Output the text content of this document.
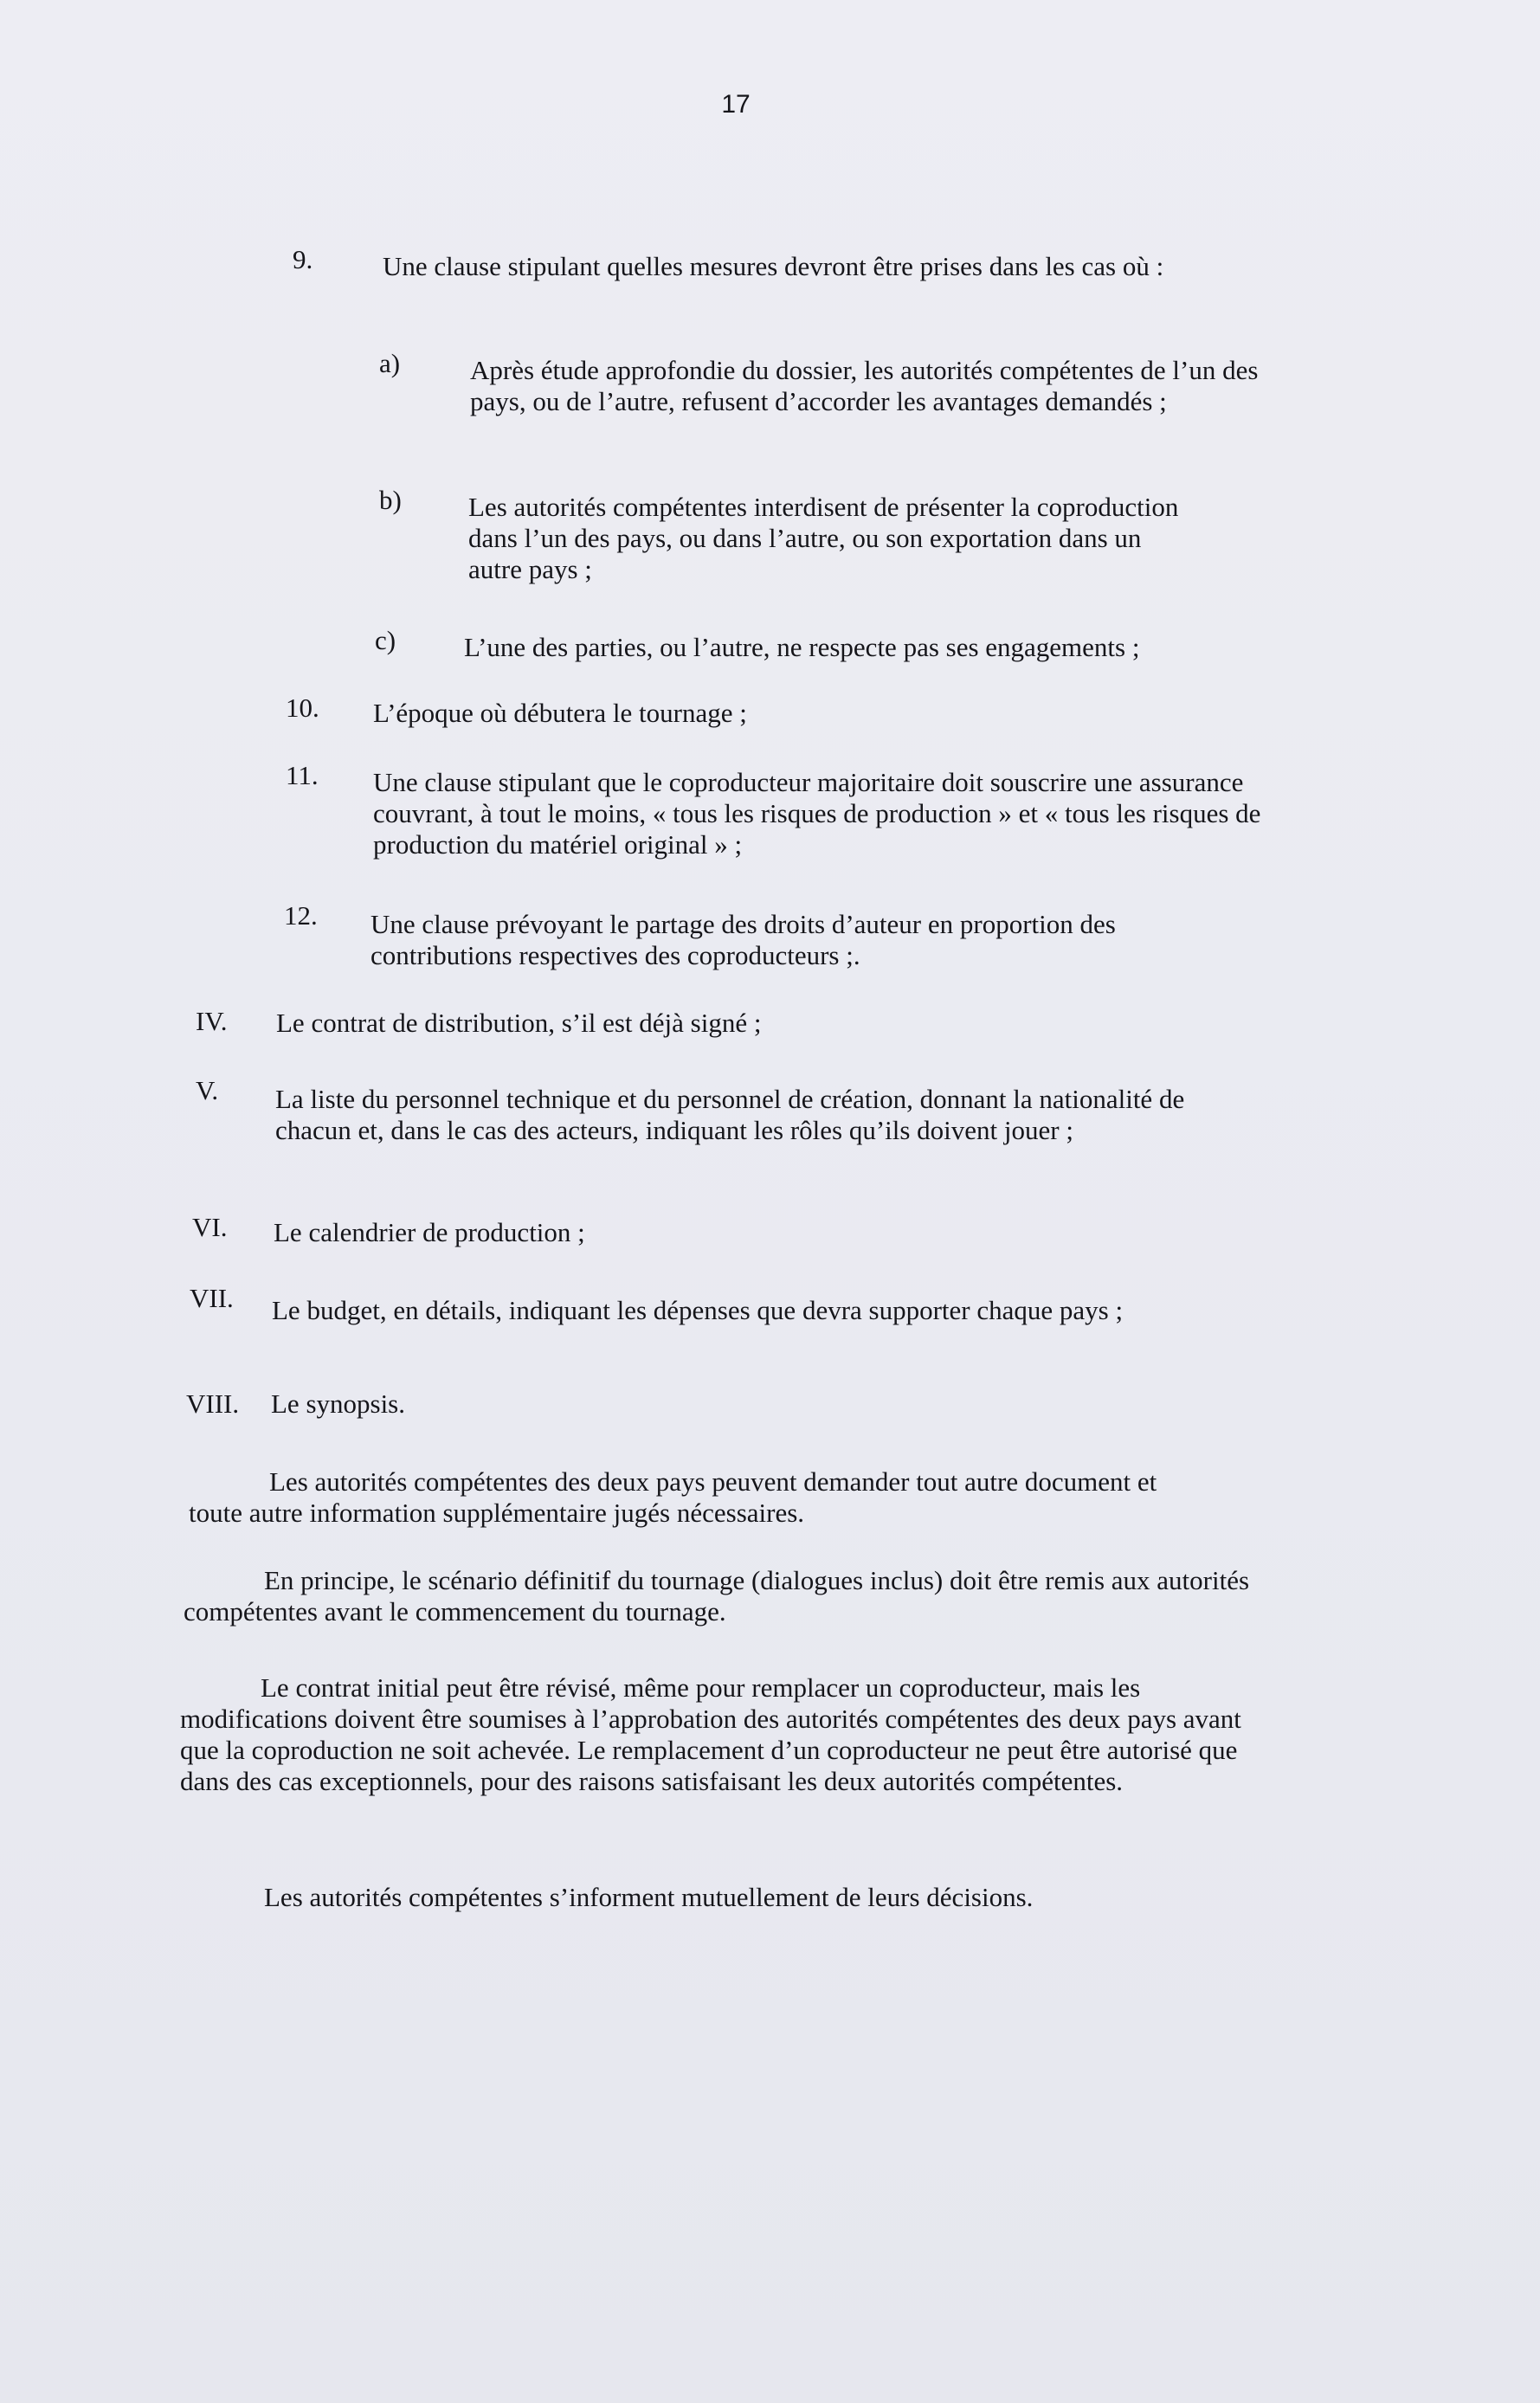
17
9.	Une clause stipulant quelles mesures devront être prises dans les cas où :
a)	Après étude approfondie du dossier, les autorités compétentes de l’un des pays, ou de l’autre, refusent d’accorder les avantages demandés ;
b) Les autorités compétentes interdisent de présenter la coproduction dans l’un des pays, ou dans l’autre, ou son exportation dans un autre pays ;
c)	L’une des parties, ou l’autre, ne respecte pas ses engagements ;
10. L’époque où débutera le tournage ;
11. Une clause stipulant que le coproducteur majoritaire doit souscrire une assurance couvrant, à tout le moins, « tous les risques de production » et « tous les risques de production du matériel original » ;
12. Une clause prévoyant le partage des droits d’auteur en proportion des contributions respectives des coproducteurs ;.
IV. Le contrat de distribution, s’il est déjà signé ;
V. La liste du personnel technique et du personnel de création, donnant la nationalité de chacun et, dans le cas des acteurs, indiquant les rôles qu’ils doivent jouer ;
VI. Le calendrier de production ;
VII. Le budget, en détails, indiquant les dépenses que devra supporter chaque pays ;
VIII. Le synopsis.
Les autorités compétentes des deux pays peuvent demander tout autre document et toute autre information supplémentaire jugés nécessaires.
En principe, le scénario définitif du tournage (dialogues inclus) doit être remis aux autorités compétentes avant le commencement du tournage.
Le contrat initial peut être révisé, même pour remplacer un coproducteur, mais les modifications doivent être soumises à l’approbation des autorités compétentes des deux pays avant que la coproduction ne soit achevée. Le remplacement d’un coproducteur ne peut être autorisé que dans des cas exceptionnels, pour des raisons satisfaisant les deux autorités compétentes.
Les autorités compétentes s’informent mutuellement de leurs décisions.
